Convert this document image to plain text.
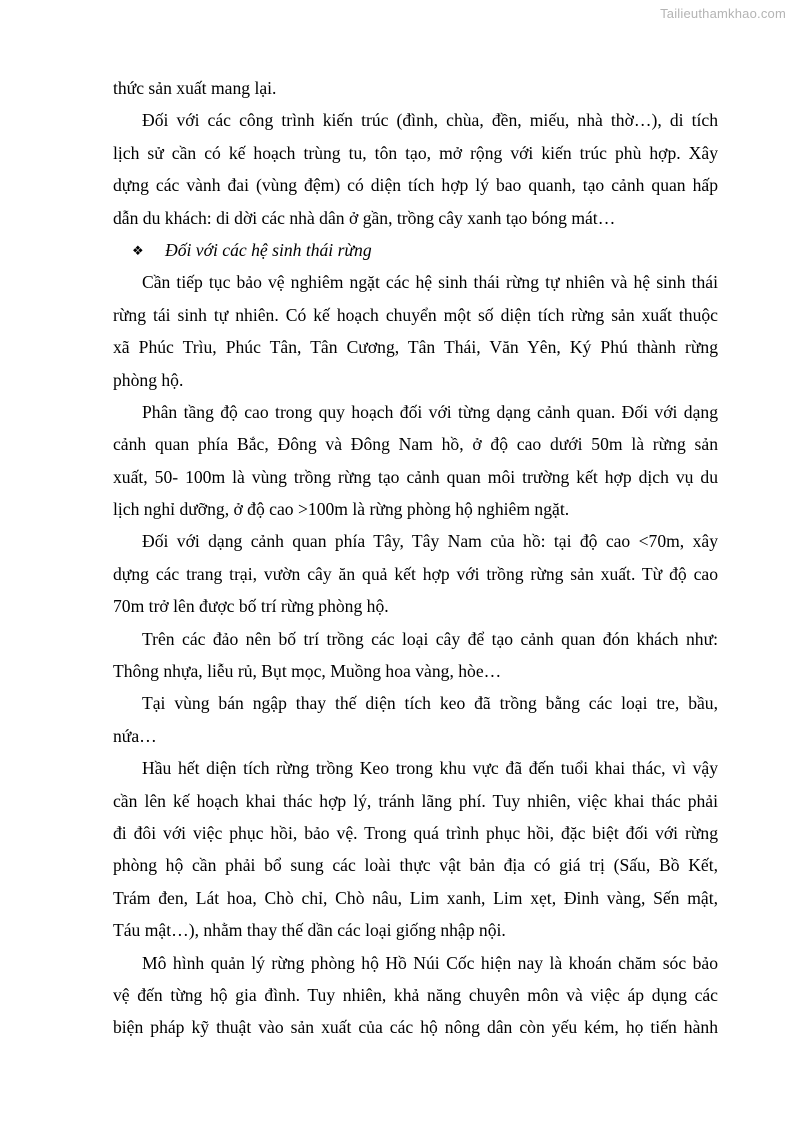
Tailieuthamkhao.com
thức sản xuất mang lại.
Đối với các công trình kiến trúc (đình, chùa, đền, miếu, nhà thờ…), di tích
lịch sử cần có kế hoạch trùng tu, tôn tạo, mở rộng với kiến trúc phù hợp. Xây
dựng các vành đai (vùng đệm) có diện tích hợp lý bao quanh, tạo cảnh quan hấp
dẫn du khách: di dời các nhà dân ở gần, trồng cây xanh tạo bóng mát…
❖ Đối với các hệ sinh thái rừng
Cần tiếp tục bảo vệ nghiêm ngặt các hệ sinh thái rừng tự nhiên và hệ sinh thái
rừng tái sinh tự nhiên. Có kế hoạch chuyển một số diện tích rừng sản xuất thuộc
xã Phúc Trìu, Phúc Tân, Tân Cương, Tân Thái, Văn Yên, Ký Phú thành rừng
phòng hộ.
Phân tầng độ cao trong quy hoạch đối với từng dạng cảnh quan. Đối với dạng
cảnh quan phía Bắc, Đông và Đông Nam hồ, ở độ cao dưới 50m là rừng sản
xuất, 50- 100m là vùng trồng rừng tạo cảnh quan môi trường kết hợp dịch vụ du
lịch nghỉ dưỡng, ở độ cao >100m là rừng phòng hộ nghiêm ngặt.
Đối với dạng cảnh quan phía Tây, Tây Nam của hồ: tại độ cao <70m, xây
dựng các trang trại, vườn cây ăn quả kết hợp với trồng rừng sản xuất. Từ độ cao
70m trở lên được bố trí rừng phòng hộ.
Trên các đảo nên bố trí trồng các loại cây để tạo cảnh quan đón khách như:
Thông nhựa, liễu rủ, Bụt mọc, Muồng hoa vàng, hòe…
Tại vùng bán ngập thay thế diện tích keo đã trồng bằng các loại tre, bầu,
nứa…
Hầu hết diện tích rừng trồng Keo trong khu vực đã đến tuổi khai thác, vì vậy
cần lên kế hoạch khai thác hợp lý, tránh lãng phí. Tuy nhiên, việc khai thác phải
đi đôi với việc phục hồi, bảo vệ. Trong quá trình phục hồi, đặc biệt đối với rừng
phòng hộ cần phải bổ sung các loài thực vật bản địa có giá trị (Sấu, Bồ Kết,
Trám đen, Lát hoa, Chò chỉ, Chò nâu, Lim xanh, Lim xẹt, Đinh vàng, Sến mật,
Táu mật…), nhằm thay thế dần các loại giống nhập nội.
Mô hình quản lý rừng phòng hộ Hồ Núi Cốc hiện nay là khoán chăm sóc bảo
vệ đến từng hộ gia đình. Tuy nhiên, khả năng chuyên môn và việc áp dụng các
biện pháp kỹ thuật vào sản xuất của các hộ nông dân còn yếu kém, họ tiến hành
